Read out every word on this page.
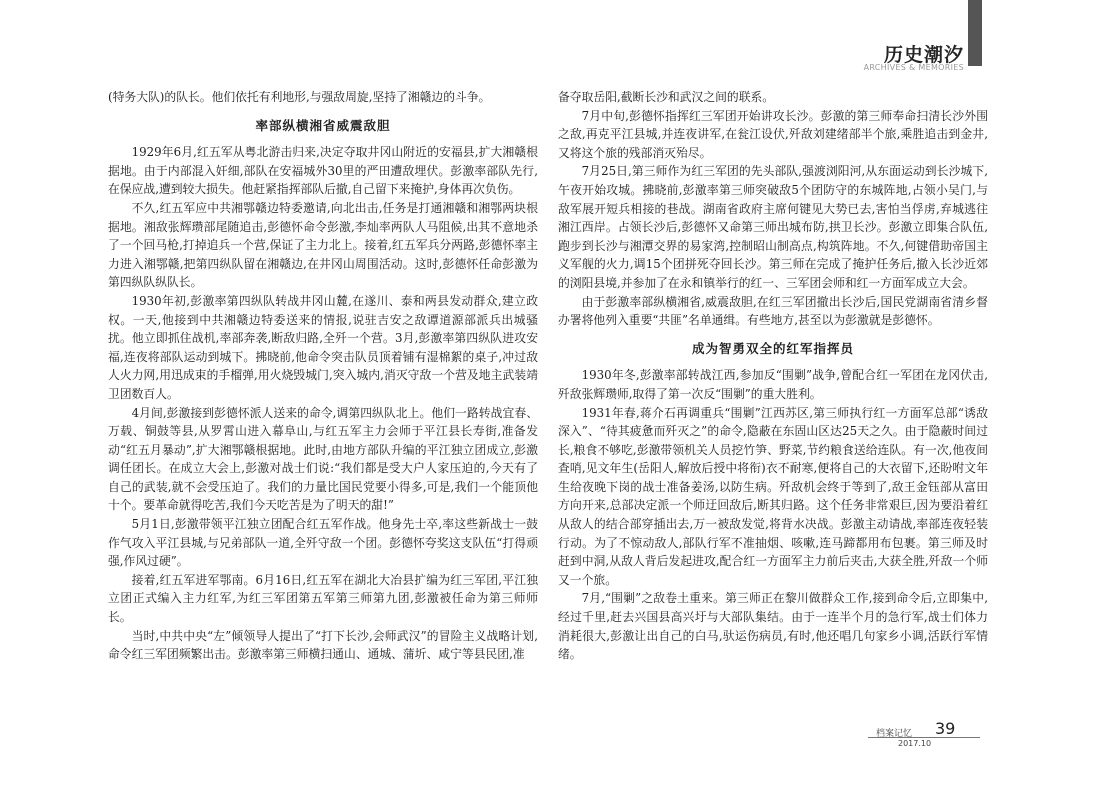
历史潮汐
ARCHIVES & MEMORIES

(特务大队)的队长。他们依托有利地形,与强敌周旋,坚持了湘赣边的斗争。

率部纵横湘省威震敌胆

1929年6月,红五军从粤北游击归来,决定夺取井冈山附近的安福县,扩大湘赣根据地。由于内部混入奸细,部队在安福城外30里的严田遭敌埋伏。彭激率部队先行,在保应战,遭到较大损失。他赶紧指挥部队后撤,自己留下来掩护,身体再次负伤。

不久,红五军应中共湘鄂赣边特委邀请,向北出击,任务是打通湘赣和湘鄂两块根据地。湘敌张辉瓒部尾随追击,彭德怀命令彭激,李灿率两队人马阻候,出其不意地杀了一个回马枪,打掉追兵一个营,保证了主力北上。接着,红五军兵分两路,彭德怀率主力进入湘鄂赣,把第四纵队留在湘赣边,在井冈山周围活动。这时,彭德怀任命彭激为第四纵队纵队长。

1930年初,彭激率第四纵队转战井冈山麓,在遂川、泰和两县发动群众,建立政权。一天,他接到中共湘赣边特委送来的情报,说驻吉安之敌谭道源部派兵出城骚扰。他立即抓住战机,率部奔袭,断敌归路,全歼一个营。3月,彭激率第四纵队进攻安福,连夜将部队运动到城下。拂晓前,他命令突击队员顶着铺有湿棉絮的桌子,冲过敌人火力网,用迅成束的手榴弹,用火烧毁城门,突入城内,消灭守敌一个营及地主武装靖卫团数百人。

4月间,彭激接到彭德怀派人送来的命令,调第四纵队北上。他们一路转战宜春、万载、铜鼓等县,从罗霄山进入幕阜山,与红五军主力会师于平江县长寿街,准备发动“红五月暴动”,扩大湘鄂赣根据地。此时,由地方部队升编的平江独立团成立,彭激调任团长。在成立大会上,彭激对战士们说:“我们都是受大户人家压迫的,今天有了自己的武装,就不会受压迫了。我们的力量比国民党要小得多,可是,我们一个能顶他十个。要革命就得吃苦,我们今天吃苦是为了明天的甜!”

5月1日,彭激带领平江独立团配合红五军作战。他身先士卒,率这些新战士一鼓作气攻入平江县城,与兄弟部队一道,全歼守敌一个团。彭德怀夸奖这支队伍“打得顽强,作风过硬”。

接着,红五军进军鄂南。6月16日,红五军在湖北大冶县扩编为红三军团,平江独立团正式编入主力红军,为红三军团第五军第三师第九团,彭激被任命为第三师师长。

当时,中共中央“左”倾领导人提出了“打下长沙,会师武汉”的冒险主义战略计划,命令红三军团频繁出击。彭激率第三师横扫通山、通城、蒲圻、咸宁等县民团,准

备夺取岳阳,截断长沙和武汉之间的联系。

7月中旬,彭德怀指挥红三军团开始讲攻长沙。彭激的第三师奉命扫清长沙外围之敌,再克平江县城,并连夜讲军,在瓮江设伏,歼敌刘建绪部半个旅,乘胜追击到金井,又将这个旅的残部消灭殆尽。

7月25日,第三师作为红三军团的先头部队,强渡浏阳河,从东面运动到长沙城下,午夜开始攻城。拂晓前,彭激率第三师突破敌5个团防守的东城阵地,占领小吴门,与敌军展开短兵相接的巷战。湖南省政府主席何键见大势已去,害怕当俘虏,弃城逃往湘江西岸。占领长沙后,彭德怀又命第三师出城布防,拱卫长沙。彭激立即集合队伍,跑步到长沙与湘潭交界的易家湾,控制昭山制高点,构筑阵地。不久,何键借助帝国主义军舰的火力,调15个团拼死夺回长沙。第三师在完成了掩护任务后,撤入长沙近郊的浏阳县境,并参加了在永和镇举行的红一、三军团会师和红一方面军成立大会。

由于彭激率部纵横湘省,威震敌胆,在红三军团撤出长沙后,国民党湖南省清乡督办署将他列入重要“共匪”名单通缉。有些地方,甚至以为彭激就是彭德怀。

成为智勇双全的红军指挥员

1930年冬,彭激率部转战江西,参加反“围剿”战争,曾配合红一军团在龙冈伏击,歼敌张辉瓒师,取得了第一次反“围剿”的重大胜利。

1931年春,蒋介石再调重兵“围剿”江西苏区,第三师执行红一方面军总部“诱敌深入”、“待其疲惫而歼灭之”的命令,隐蔽在东固山区达25天之久。由于隐蔽时间过长,粮食不够吃,彭激带领机关人员挖竹笋、野菜,节约粮食送给连队。有一次,他夜间查哨,见文年生(岳阳人,解放后授中将衔)衣不耐寒,便将自己的大衣留下,还盼咐文年生给夜晚下岗的战士准备姜汤,以防生病。歼敌机会终于等到了,敌王金钰部从富田方向开来,总部决定派一个师迂回敌后,断其归路。这个任务非常艰巨,因为要沿着红从敌人的结合部穿插出去,万一被敌发觉,将背水决战。彭激主动请战,率部连夜轻装行动。为了不惊动敌人,部队行军不准抽烟、咳嗽,连马蹄都用布包裹。第三师及时赶到中洞,从敌人背后发起进攻,配合红一方面军主力前后夹击,大获全胜,歼敌一个师又一个旅。

7月,“围剿”之敌卷土重来。第三师正在黎川做群众工作,接到命令后,立即集中,经过千里,赶去兴国县高兴圩与大部队集结。由于一连半个月的急行军,战士们体力消耗很大,彭激让出自己的白马,驮运伤病员,有时,他还唱几句家乡小调,活跃行军情绪。

档案记忆 39
2017.10
